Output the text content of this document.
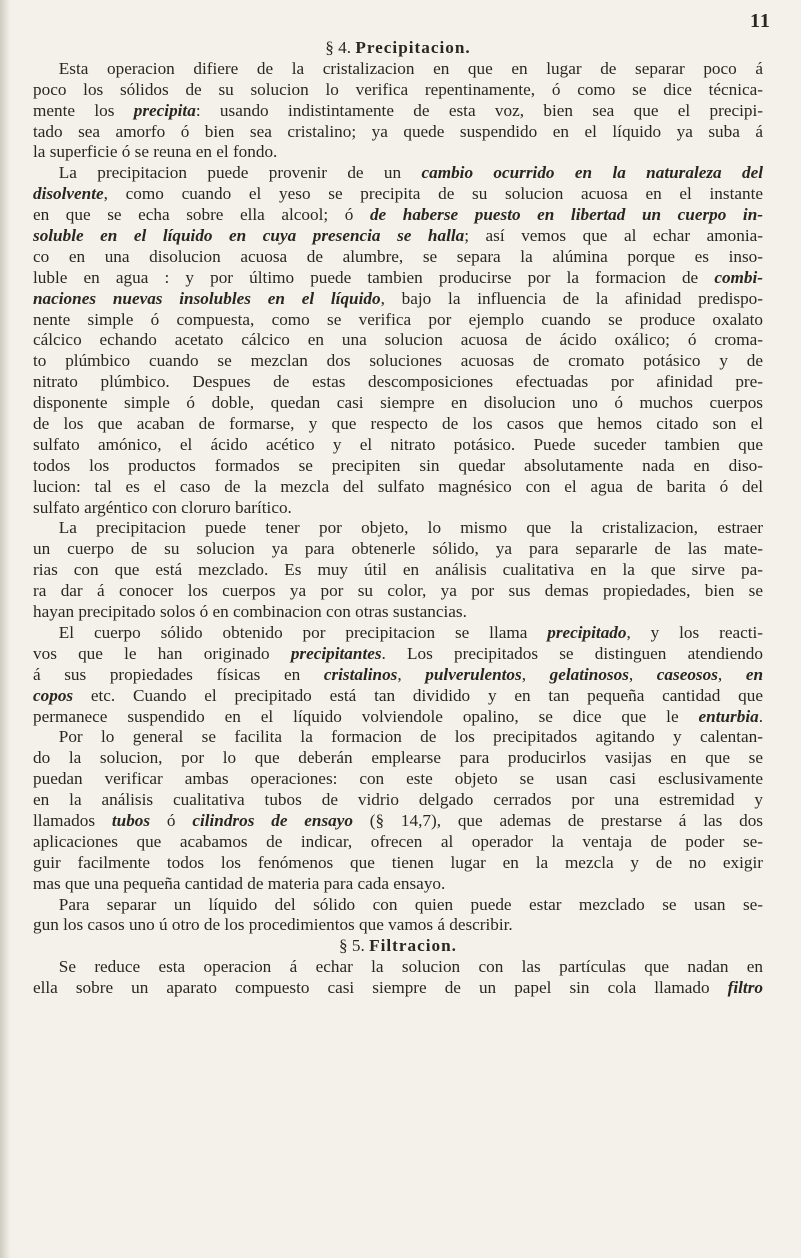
11
§ 4. Precipitacion.
  Esta operacion difiere de la cristalizacion en que en lugar de separar poco á
poco los sólidos de su solucion lo verifica repentinamente, ó como se dice técnica-
mente los precipita: usando indistintamente de esta voz, bien sea que el precipi-
tado sea amorfo ó bien sea cristalino; ya quede suspendido en el líquido ya suba á
la superficie ó se reuna en el fondo.
  La precipitacion puede provenir de un cambio ocurrido en la naturaleza del
disolvente, como cuando el yeso se precipita de su solucion acuosa en el instante
en que se echa sobre ella alcool; ó de haberse puesto en libertad un cuerpo in-
soluble en el líquido en cuya presencia se halla; así vemos que al echar amonia-
co en una disolucion acuosa de alumbre, se separa la alúmina porque es inso-
luble en agua : y por último puede tambien producirse por la formacion de combi-
naciones nuevas insolubles en el líquido, bajo la influencia de la afinidad predispo-
nente simple ó compuesta, como se verifica por ejemplo cuando se produce oxalato
cálcico echando acetato cálcico en una solucion acuosa de ácido oxálico; ó croma-
to plúmbico cuando se mezclan dos soluciones acuosas de cromato potásico y de
nitrato plúmbico. Despues de estas descomposiciones efectuadas por afinidad pre-
disponente simple ó doble, quedan casi siempre en disolucion uno ó muchos cuerpos
de los que acaban de formarse, y que respecto de los casos que hemos citado son el
sulfato amónico, el ácido acético y el nitrato potásico. Puede suceder tambien que
todos los productos formados se precipiten sin quedar absolutamente nada en diso-
lucion: tal es el caso de la mezcla del sulfato magnésico con el agua de barita ó del
sulfato argéntico con cloruro barítico.
  La precipitacion puede tener por objeto, lo mismo que la cristalizacion, estraer
un cuerpo de su solucion ya para obtenerle sólido, ya para separarle de las mate-
rias con que está mezclado. Es muy útil en análisis cualitativa en la que sirve pa-
ra dar á conocer los cuerpos ya por su color, ya por sus demas propiedades, bien se
hayan precipitado solos ó en combinacion con otras sustancias.
  El cuerpo sólido obtenido por precipitacion se llama precipitado, y los reacti-
vos que le han originado precipitantes. Los precipitados se distinguen atendiendo
á sus propiedades físicas en cristalinos, pulverulentos, gelatinosos, caseosos, en
copos etc. Cuando el precipitado está tan dividido y en tan pequeña cantidad que
permanece suspendido en el líquido volviendole opalino, se dice que le enturbia.
  Por lo general se facilita la formacion de los precipitados agitando y calentan-
do la solucion, por lo que deberán emplearse para producirlos vasijas en que se
puedan verificar ambas operaciones: con este objeto se usan casi esclusivamente
en la análisis cualitativa tubos de vidrio delgado cerrados por una estremidad y
llamados tubos ó cilindros de ensayo (§ 14,7), que ademas de prestarse á las dos
aplicaciones que acabamos de indicar, ofrecen al operador la ventaja de poder se-
guir facilmente todos los fenómenos que tienen lugar en la mezcla y de no exigir
mas que una pequeña cantidad de materia para cada ensayo.
  Para separar un líquido del sólido con quien puede estar mezclado se usan se-
gun los casos uno ú otro de los procedimientos que vamos á describir.
§ 5. Filtracion.
  Se reduce esta operacion á echar la solucion con las partículas que nadan en
ella sobre un aparato compuesto casi siempre de un papel sin cola llamado filtro
